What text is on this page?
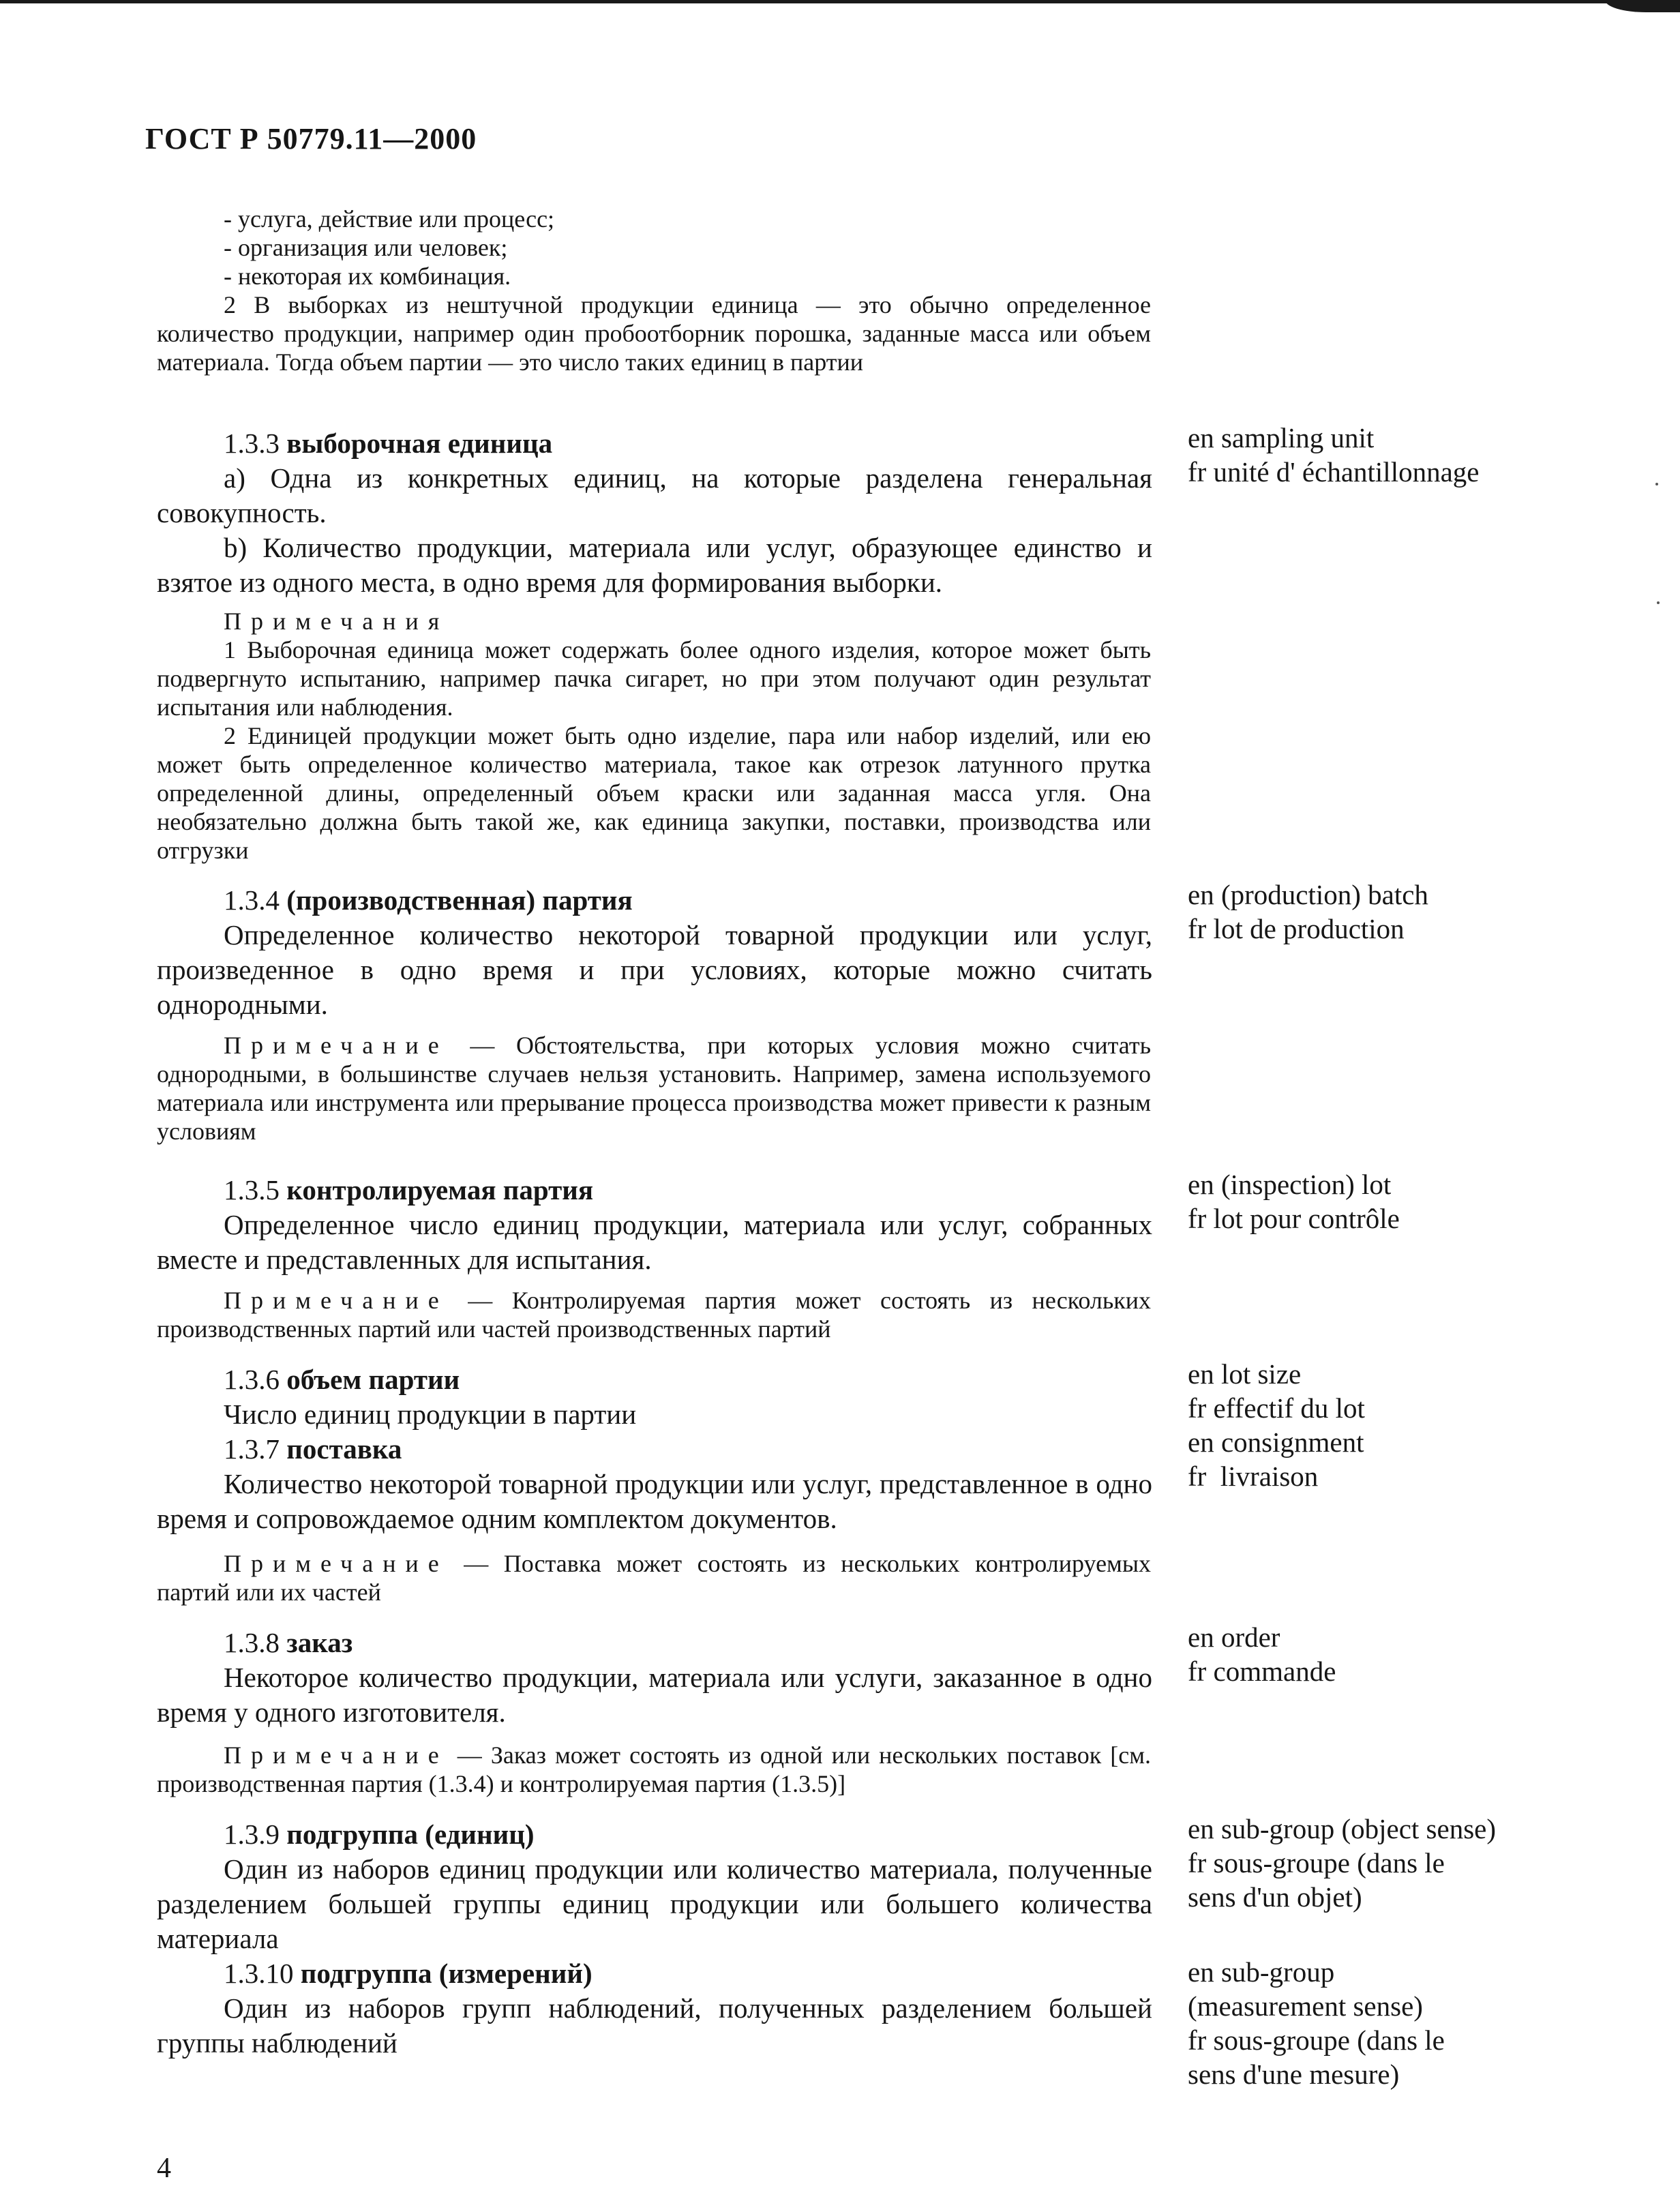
ГОСТ Р 50779.11—2000

- услуга, действие или процесс;

- организация или человек;

- некоторая их комбинация.

2 В выборках из нештучной продукции единица — это обычно определенное количество продукции, например один пробоотборник порошка, заданные масса или объем материала. Тогда объем партии — это число таких единиц в партии

1.3.3 выборочная единица

a) Одна из конкретных единиц, на которые разделена генеральная совокупность.

b) Количество продукции, материала или услуг, образующее единство и взятое из одного места, в одно время для формирования выборки.

Примечания

1 Выборочная единица может содержать более одного изделия, которое может быть подвергнуто испытанию, например пачка сигарет, но при этом получают один результат испытания или наблюдения.

2 Единицей продукции может быть одно изделие, пара или набор изделий, или ею может быть определенное количество материала, такое как отрезок латунного прутка определенной длины, определенный объем краски или заданная масса угля. Она необязательно должна быть такой же, как единица закупки, поставки, производства или отгрузки

en sampling unit

fr unité d' échantillonnage

1.3.4 (производственная) партия

Определенное количество некоторой товарной продукции или услуг, произведенное в одно время и при условиях, которые можно считать однородными.

Примечание — Обстоятельства, при которых условия можно считать однородными, в большинстве случаев нельзя установить. Например, замена используемого материала или инструмента или прерывание процесса производства может привести к разным условиям

en (production) batch

fr lot de production

1.3.5 контролируемая партия

Определенное число единиц продукции, материала или услуг, собранных вместе и представленных для испытания.

Примечание — Контролируемая партия может состоять из нескольких производственных партий или частей производственных партий

en (inspection) lot

fr lot pour contrôle

1.3.6 объем партии

Число единиц продукции в партии

1.3.7 поставка

Количество некоторой товарной продукции или услуг, представленное в одно время и сопровождаемое одним комплектом документов.

Примечание — Поставка может состоять из нескольких контролируемых партий или их частей

en lot size

fr effectif du lot

en consignment

fr  livraison

1.3.8 заказ

Некоторое количество продукции, материала или услуги, заказанное в одно время у одного изготовителя.

Примечание — Заказ может состоять из одной или нескольких поставок [см. производственная партия (1.3.4) и контролируемая партия (1.3.5)]

en order

fr commande

1.3.9 подгруппа (единиц)

Один из наборов единиц продукции или количество материала, полученные разделением большей группы единиц продукции или большего количества материала

1.3.10 подгруппа (измерений)

Один из наборов групп наблюдений, полученных разделением большей группы наблюдений

en sub-group (object sense)

fr sous-groupe (dans le

sens d'un objet)

en sub-group

(measurement sense)

fr sous-groupe (dans le

sens d'une mesure)

4
